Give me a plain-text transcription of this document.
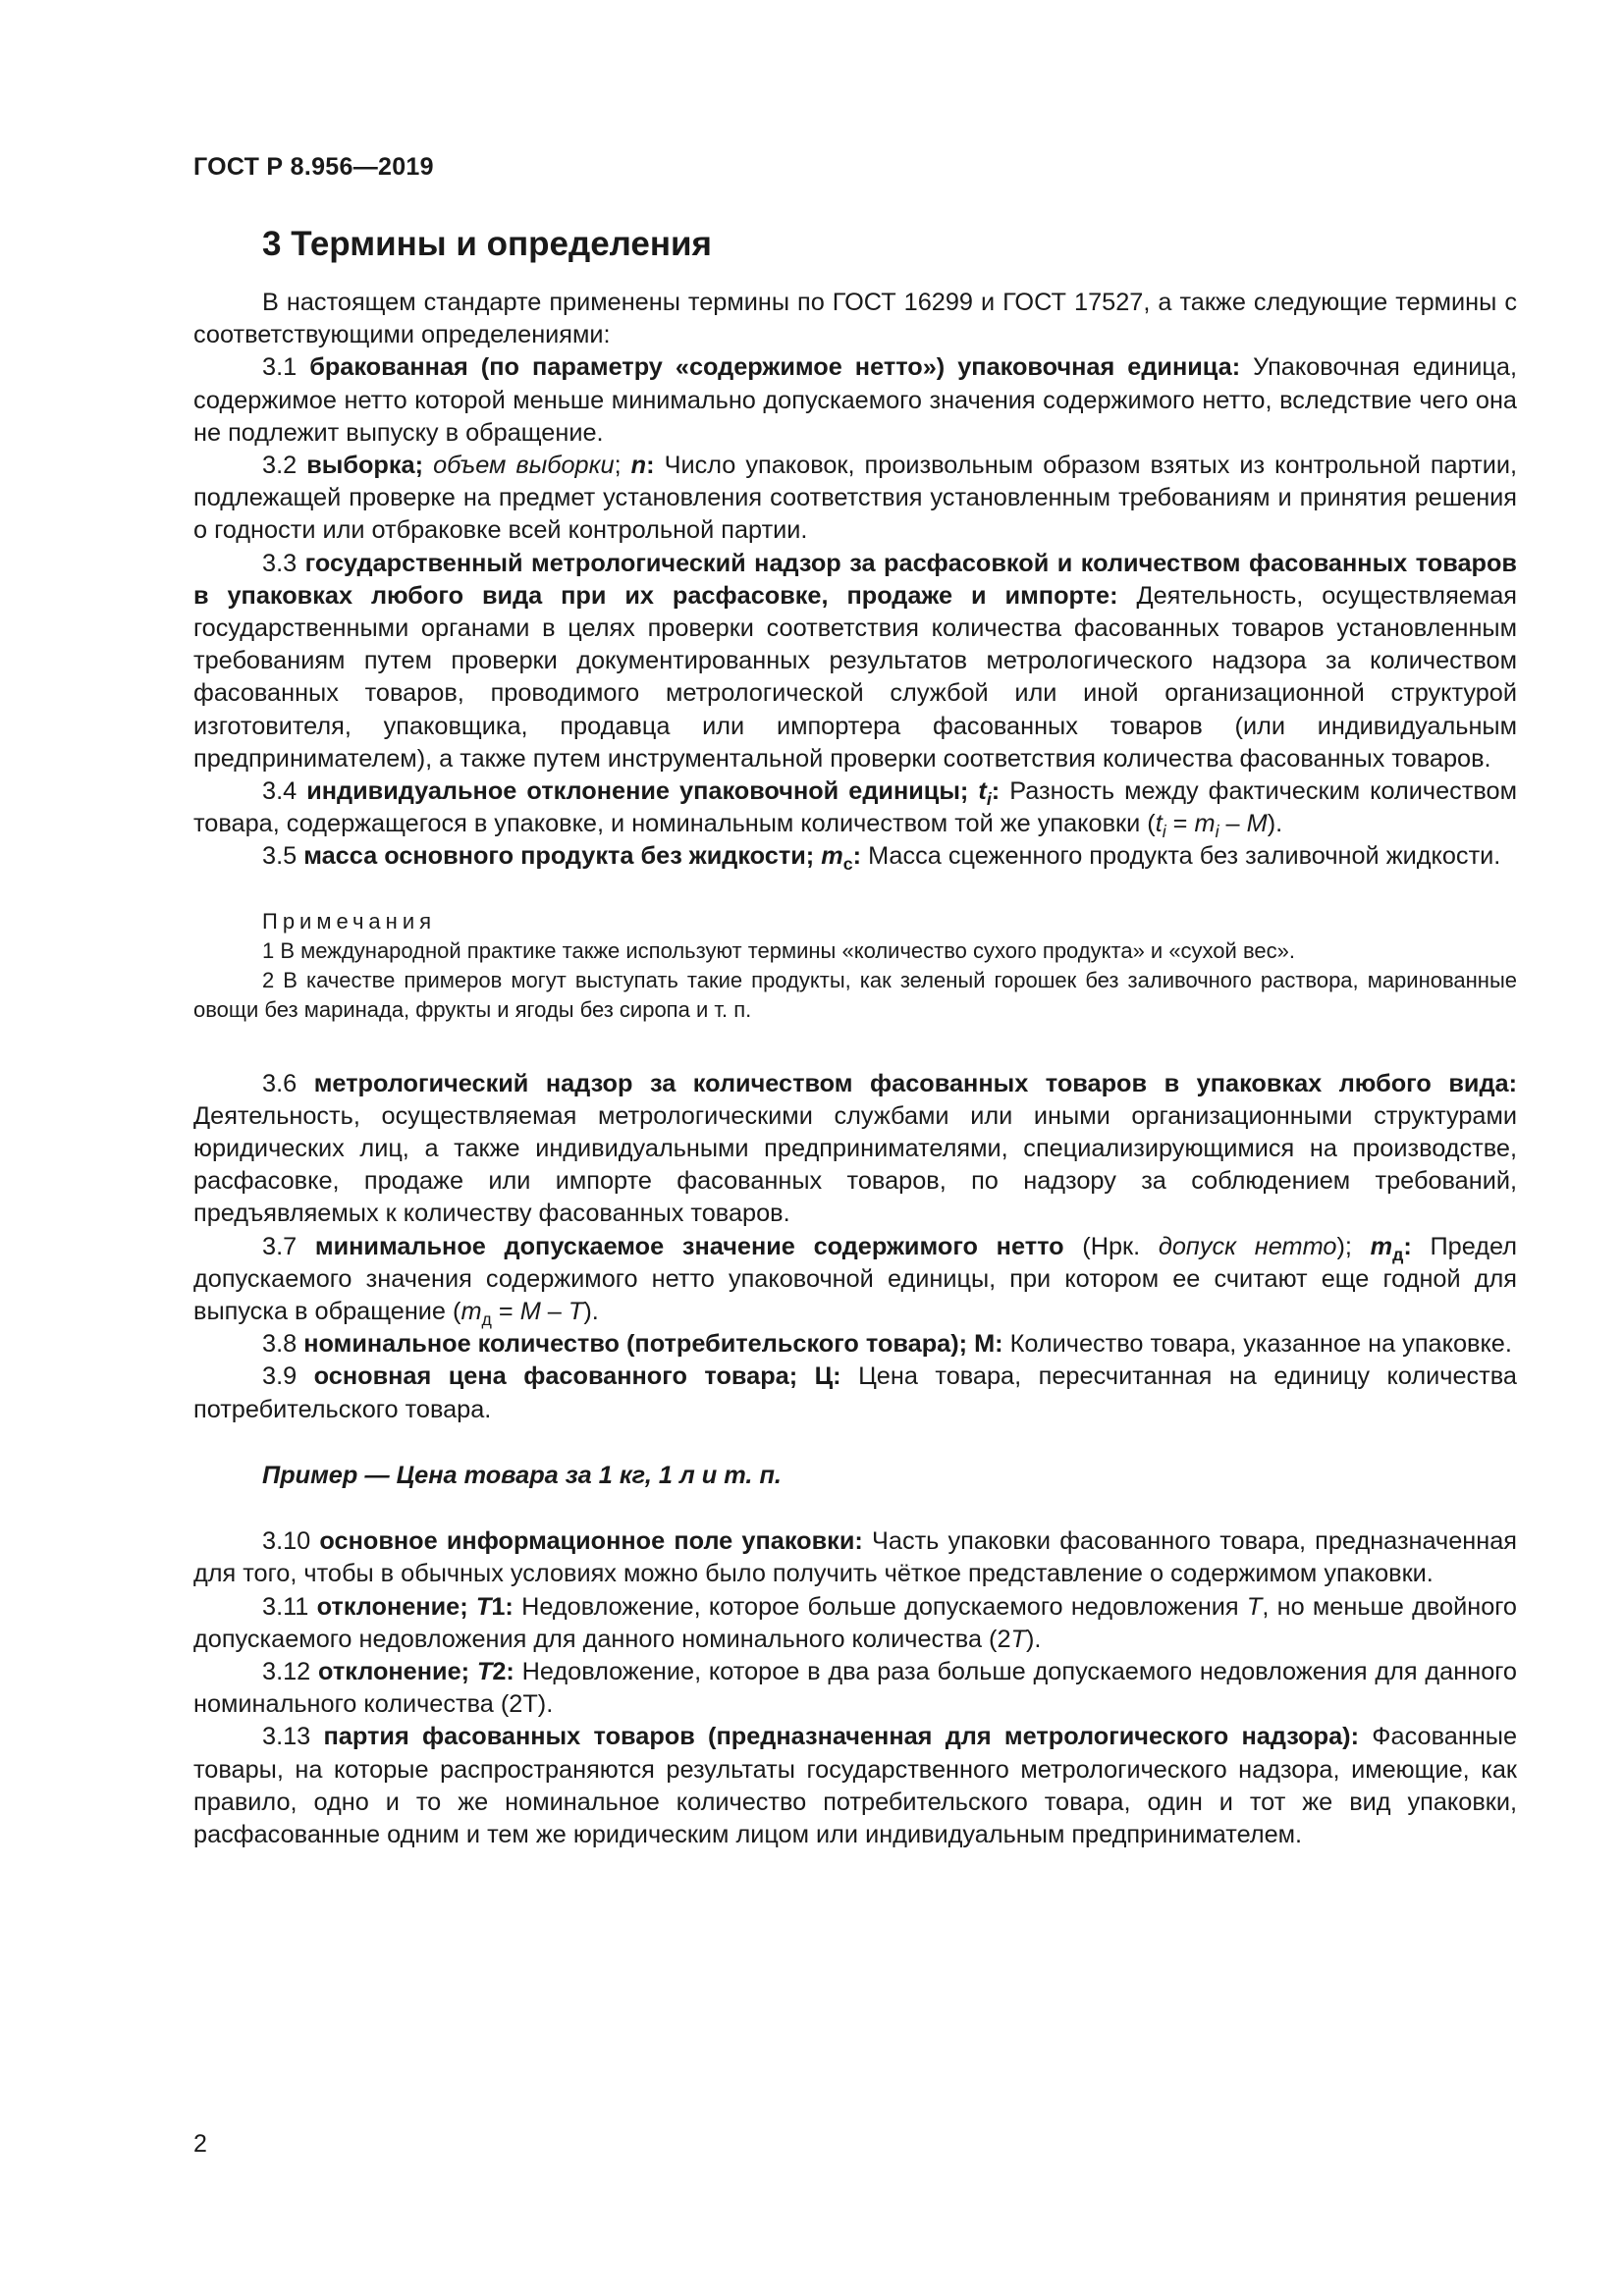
ГОСТ Р 8.956—2019
3 Термины и определения

В настоящем стандарте применены термины по ГОСТ 16299 и ГОСТ 17527, а также следующие термины с соответствующими определениями:

3.1 бракованная (по параметру «содержимое нетто») упаковочная единица: Упаковочная единица, содержимое нетто которой меньше минимально допускаемого значения содержимого нетто, вследствие чего она не подлежит выпуску в обращение.

3.2 выборка; объем выборки; n: Число упаковок, произвольным образом взятых из контрольной партии, подлежащей проверке на предмет установления соответствия установленным требованиям и принятия решения о годности или отбраковке всей контрольной партии.

3.3 государственный метрологический надзор за расфасовкой и количеством фасованных товаров в упаковках любого вида при их расфасовке, продаже и импорте: Деятельность, осуществляемая государственными органами в целях проверки соответствия количества фасованных товаров установленным требованиям путем проверки документированных результатов метрологического надзора за количеством фасованных товаров, проводимого метрологической службой или иной организационной структурой изготовителя, упаковщика, продавца или импортера фасованных товаров (или индивидуальным предпринимателем), а также путем инструментальной проверки соответствия количества фасованных товаров.

3.4 индивидуальное отклонение упаковочной единицы; $t_i$: Разность между фактическим количеством товара, содержащегося в упаковке, и номинальным количеством той же упаковки $(t_i = m_i - M)$.

3.5 масса основного продукта без жидкости; $m_c$: Масса сцеженного продукта без заливочной жидкости.

Примечания

1 В международной практике также используют термины «количество сухого продукта» и «сухой вес».

2 В качестве примеров могут выступать такие продукты, как зеленый горошек без заливочного раствора, маринованные овощи без маринада, фрукты и ягоды без сиропа и т. п.

3.6 метрологический надзор за количеством фасованных товаров в упаковках любого вида: Деятельность, осуществляемая метрологическими службами или иными организационными структурами юридических лиц, а также индивидуальными предпринимателями, специализирующимися на производстве, расфасовке, продаже или импорте фасованных товаров, по надзору за соблюдением требований, предъявляемых к количеству фасованных товаров.

3.7 минимальное допускаемое значение содержимого нетто (Нрк. допуск нетто); $m_д$: Предел допускаемого значения содержимого нетто упаковочной единицы, при котором ее считают еще годной для выпуска в обращение $(m_д = M - T)$.

3.8 номинальное количество (потребительского товара); M: Количество товара, указанное на упаковке.

3.9 основная цена фасованного товара; Ц: Цена товара, пересчитанная на единицу количества потребительского товара.

Пример — Цена товара за 1 кг, 1 л и т. п.

3.10 основное информационное поле упаковки: Часть упаковки фасованного товара, предназначенная для того, чтобы в обычных условиях можно было получить чёткое представление о содержимом упаковки.

3.11 отклонение; T1: Недовложение, которое больше допускаемого недовложения T, но меньше двойного допускаемого недовложения для данного номинального количества (2T).

3.12 отклонение; T2: Недовложение, которое в два раза больше допускаемого недовложения для данного номинального количества (2Т).

3.13 партия фасованных товаров (предназначенная для метрологического надзора): Фасованные товары, на которые распространяются результаты государственного метрологического надзора, имеющие, как правило, одно и то же номинальное количество потребительского товара, один и тот же вид упаковки, расфасованные одним и тем же юридическим лицом или индивидуальным предпринимателем.

2
